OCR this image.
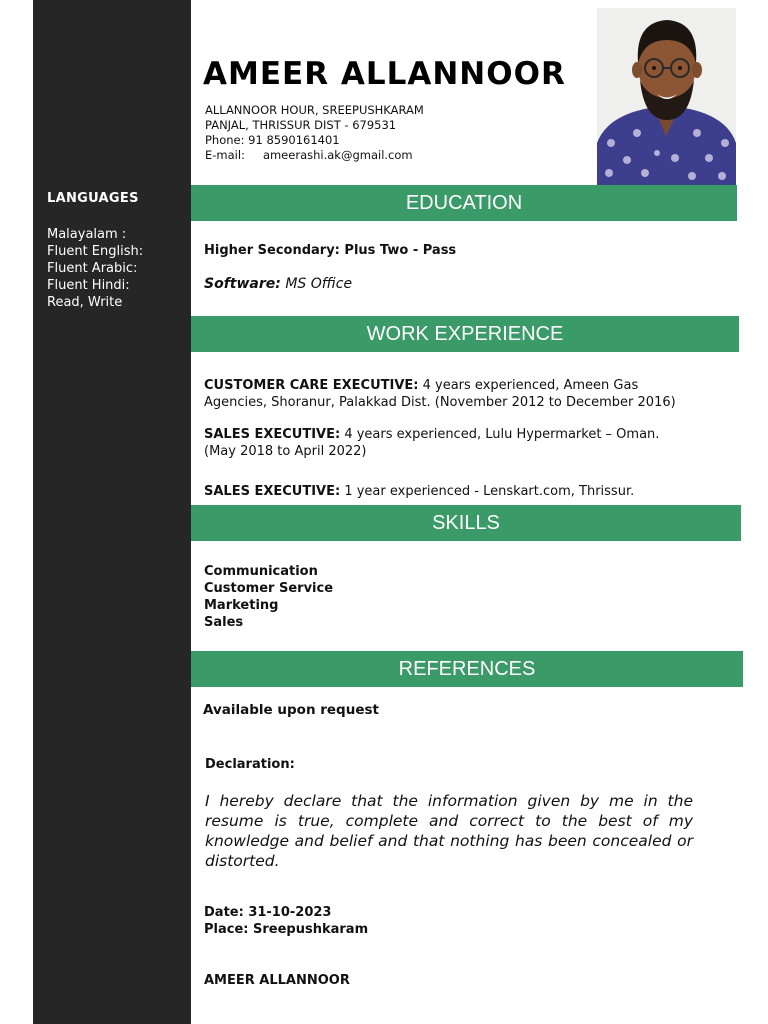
LANGUAGES
Malayalam :
Fluent English:
Fluent Arabic:
Fluent Hindi:
Read, Write
AMEER ALLANNOOR
ALLANNOOR HOUR, SREEPUSHKARAM
PANJAL, THRISSUR DIST - 679531
Phone: 91 8590161401
E-mail: ameerashi.ak@gmail.com
EDUCATION
Higher Secondary: Plus Two - Pass
Software: MS Office
WORK EXPERIENCE
CUSTOMER CARE EXECUTIVE: 4 years experienced, Ameen Gas
Agencies, Shoranur, Palakkad Dist. (November 2012 to December 2016)
SALES EXECUTIVE: 4 years experienced, Lulu Hypermarket – Oman.
(May 2018 to April 2022)
SALES EXECUTIVE: 1 year experienced - Lenskart.com, Thrissur.
SKILLS
Communication
Customer Service
Marketing
Sales
REFERENCES
Available upon request
Declaration:
I hereby declare that the information given by me in the resume is true, complete and correct to the best of my knowledge and belief and that nothing has been concealed or distorted.
Date: 31-10-2023
Place: Sreepushkaram
AMEER ALLANNOOR
